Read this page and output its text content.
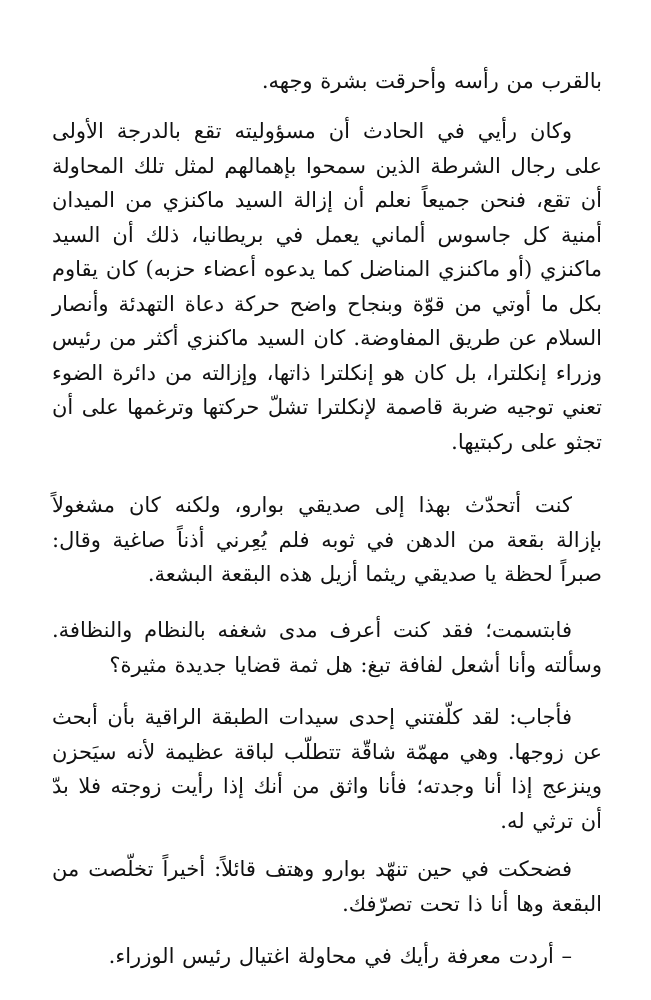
بالقرب من رأسه وأحرقت بشرة وجهه.

وكان رأيي في الحادث أن مسؤوليته تقع بالدرجة الأولى على رجال الشرطة الذين سمحوا بإهمالهم لمثل تلك المحاولة أن تقع، فنحن جميعاً نعلم أن إزالة السيد ماكنزي من الميدان أمنية كل جاسوس ألماني يعمل في بريطانيا، ذلك أن السيد ماكنزي (أو ماكنزي المناضل كما يدعوه أعضاء حزبه) كان يقاوم بكل ما أوتي من قوّة وبنجاح واضح حركة دعاة التهدئة وأنصار السلام عن طريق المفاوضة. كان السيد ماكنزي أكثر من رئيس وزراء إنكلترا، بل كان هو إنكلترا ذاتها، وإزالته من دائرة الضوء تعني توجيه ضربة قاصمة لإنكلترا تشلّ حركتها وترغمها على أن تجثو على ركبتيها.

كنت أتحدّث بهذا إلى صديقي بوارو، ولكنه كان مشغولاً بإزالة بقعة من الدهن في ثوبه فلم يُعِرني أذناً صاغية وقال: صبراً لحظة يا صديقي ريثما أزيل هذه البقعة البشعة.

فابتسمت؛ فقد كنت أعرف مدى شغفه بالنظام والنظافة. وسألته وأنا أشعل لفافة تبغ: هل ثمة قضايا جديدة مثيرة؟

فأجاب: لقد كلّفتني إحدى سيدات الطبقة الراقية بأن أبحث عن زوجها. وهي مهمّة شاقّة تتطلّب لباقة عظيمة لأنه سيَحزن وينزعج إذا أنا وجدته؛ فأنا واثق من أنك إذا رأيت زوجته فلا بدّ أن ترثي له.

فضحكت في حين تنهّد بوارو وهتف قائلاً: أخيراً تخلّصت من البقعة وها أنا ذا تحت تصرّفك.

– أردت معرفة رأيك في محاولة اغتيال رئيس الوزراء.
